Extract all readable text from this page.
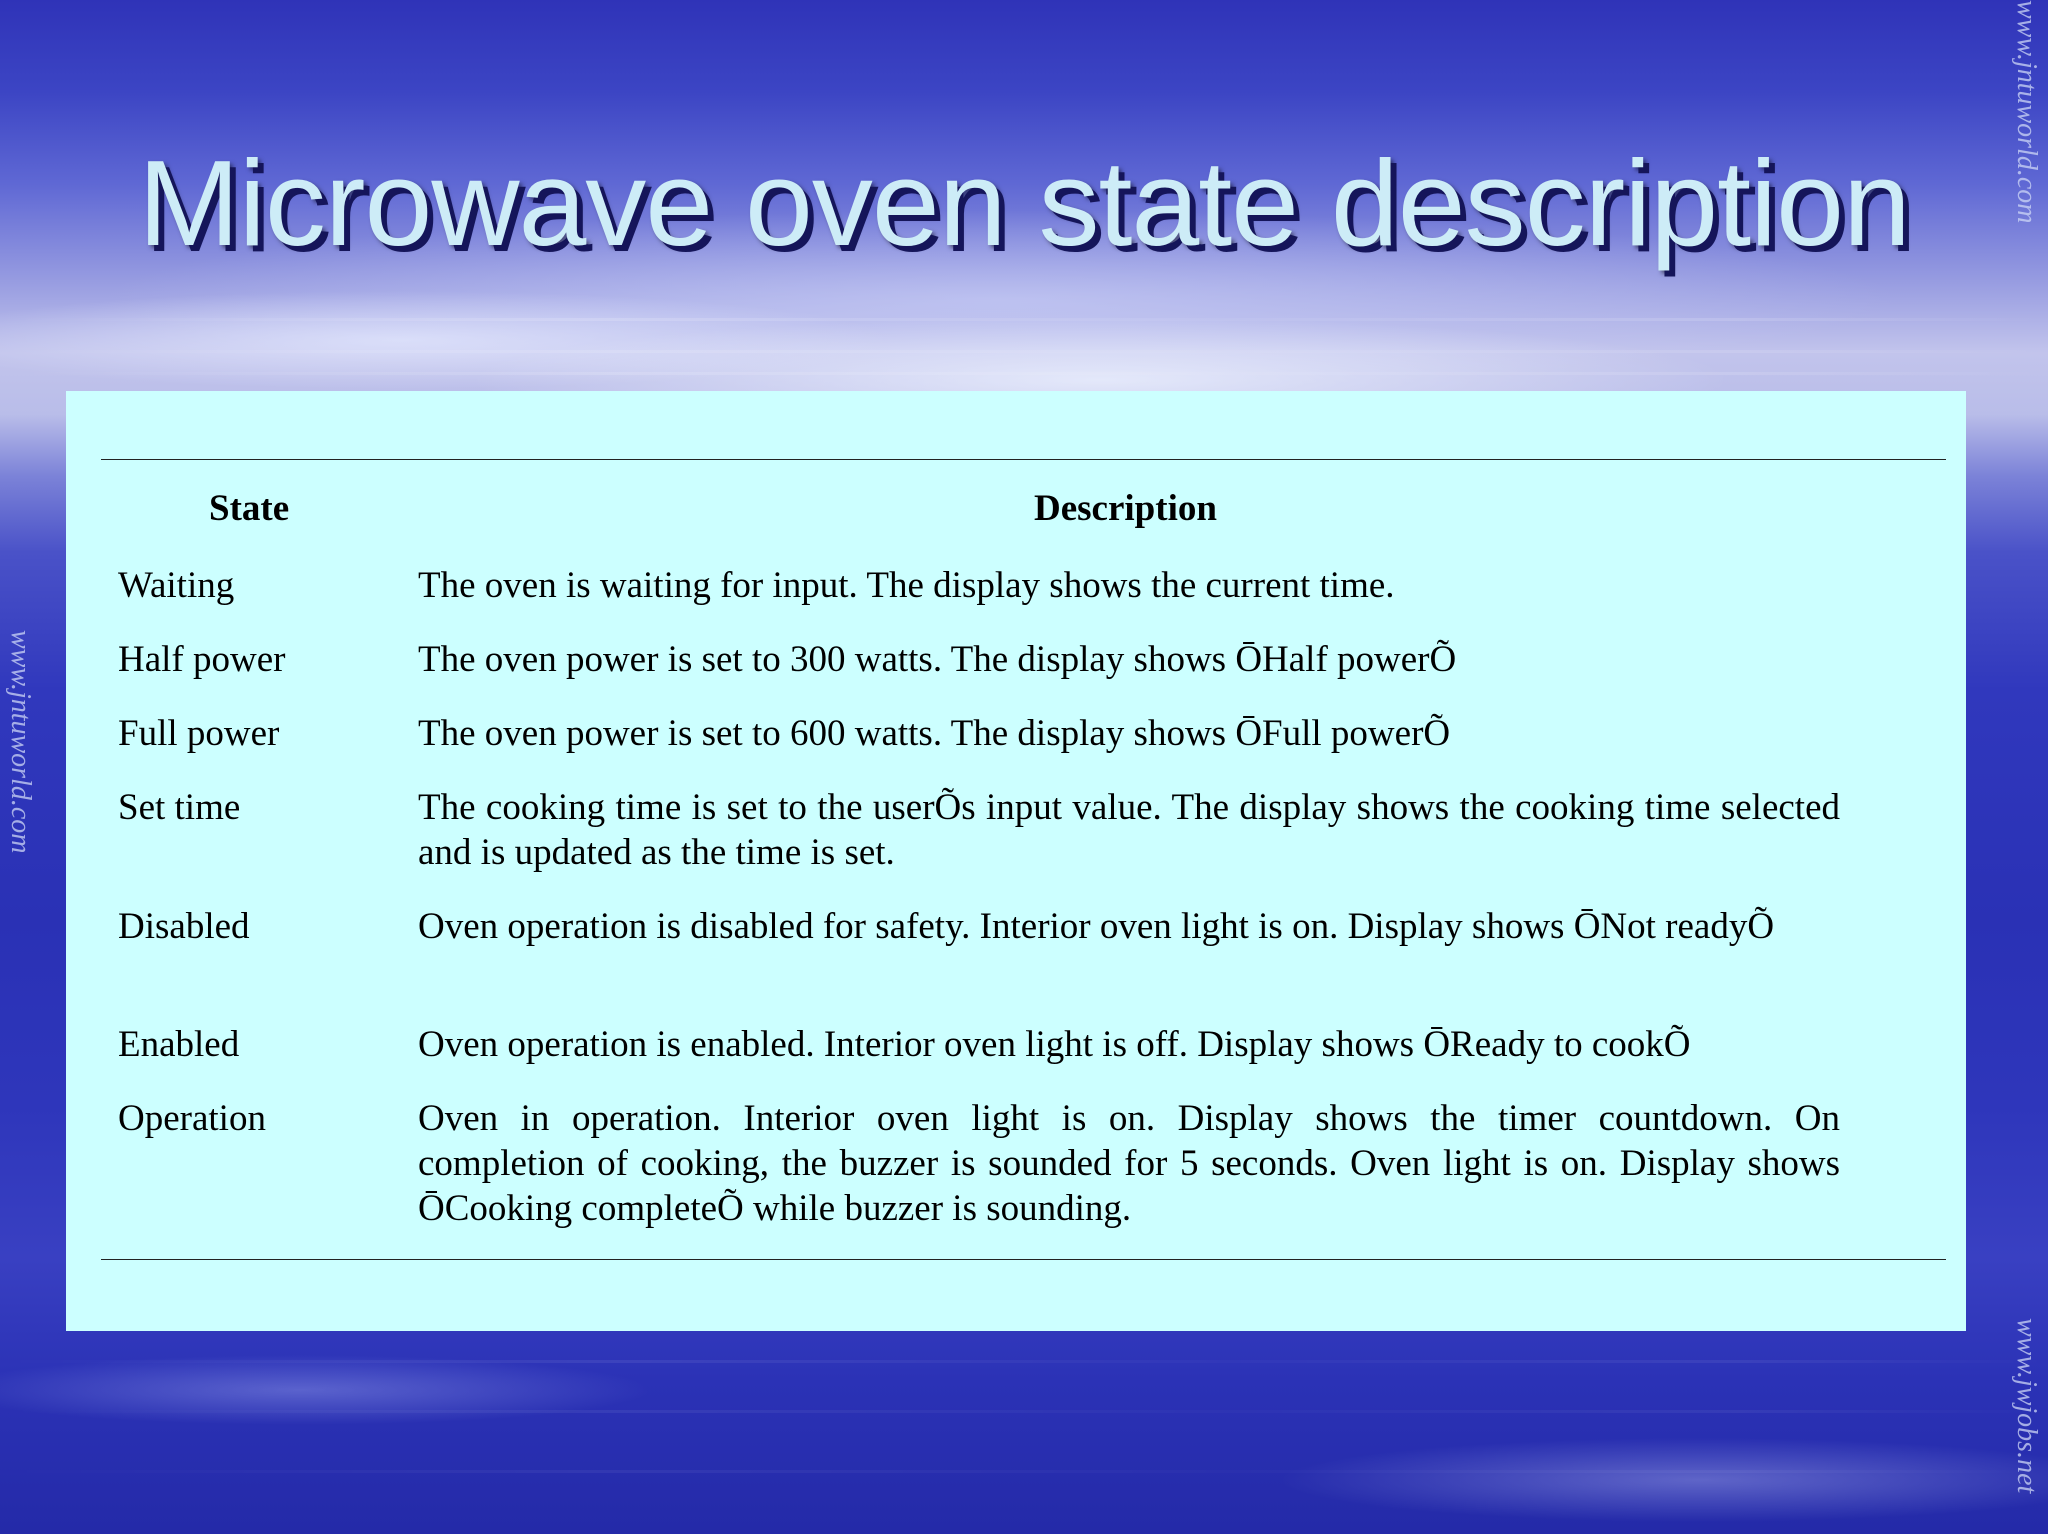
Microwave oven state description	www.jntuworld.com
www.jntuworld.com
www.jwjobs.net
State	Description
Waiting	The oven is waiting for input. The display shows the current time.
Half power	The oven power is set to 300 watts. The display shows ŌHalf powerÕ
Full power	The oven power is set to 600 watts. The display shows ŌFull powerÕ
Set time	The cooking time is set to the userÕs input value. The display shows the cooking time selected and is updated as the time is set.
Disabled	Oven operation is disabled for safety. Interior oven light is on. Display shows ŌNot readyÕ
Enabled	Oven operation is enabled. Interior oven light is off. Display shows ŌReady to cookÕ
Operation	Oven in operation. Interior oven light is on. Display shows the timer countdown. On completion of cooking, the buzzer is sounded for 5 seconds. Oven light is on. Display shows ŌCooking completeÕ while buzzer is sounding.
